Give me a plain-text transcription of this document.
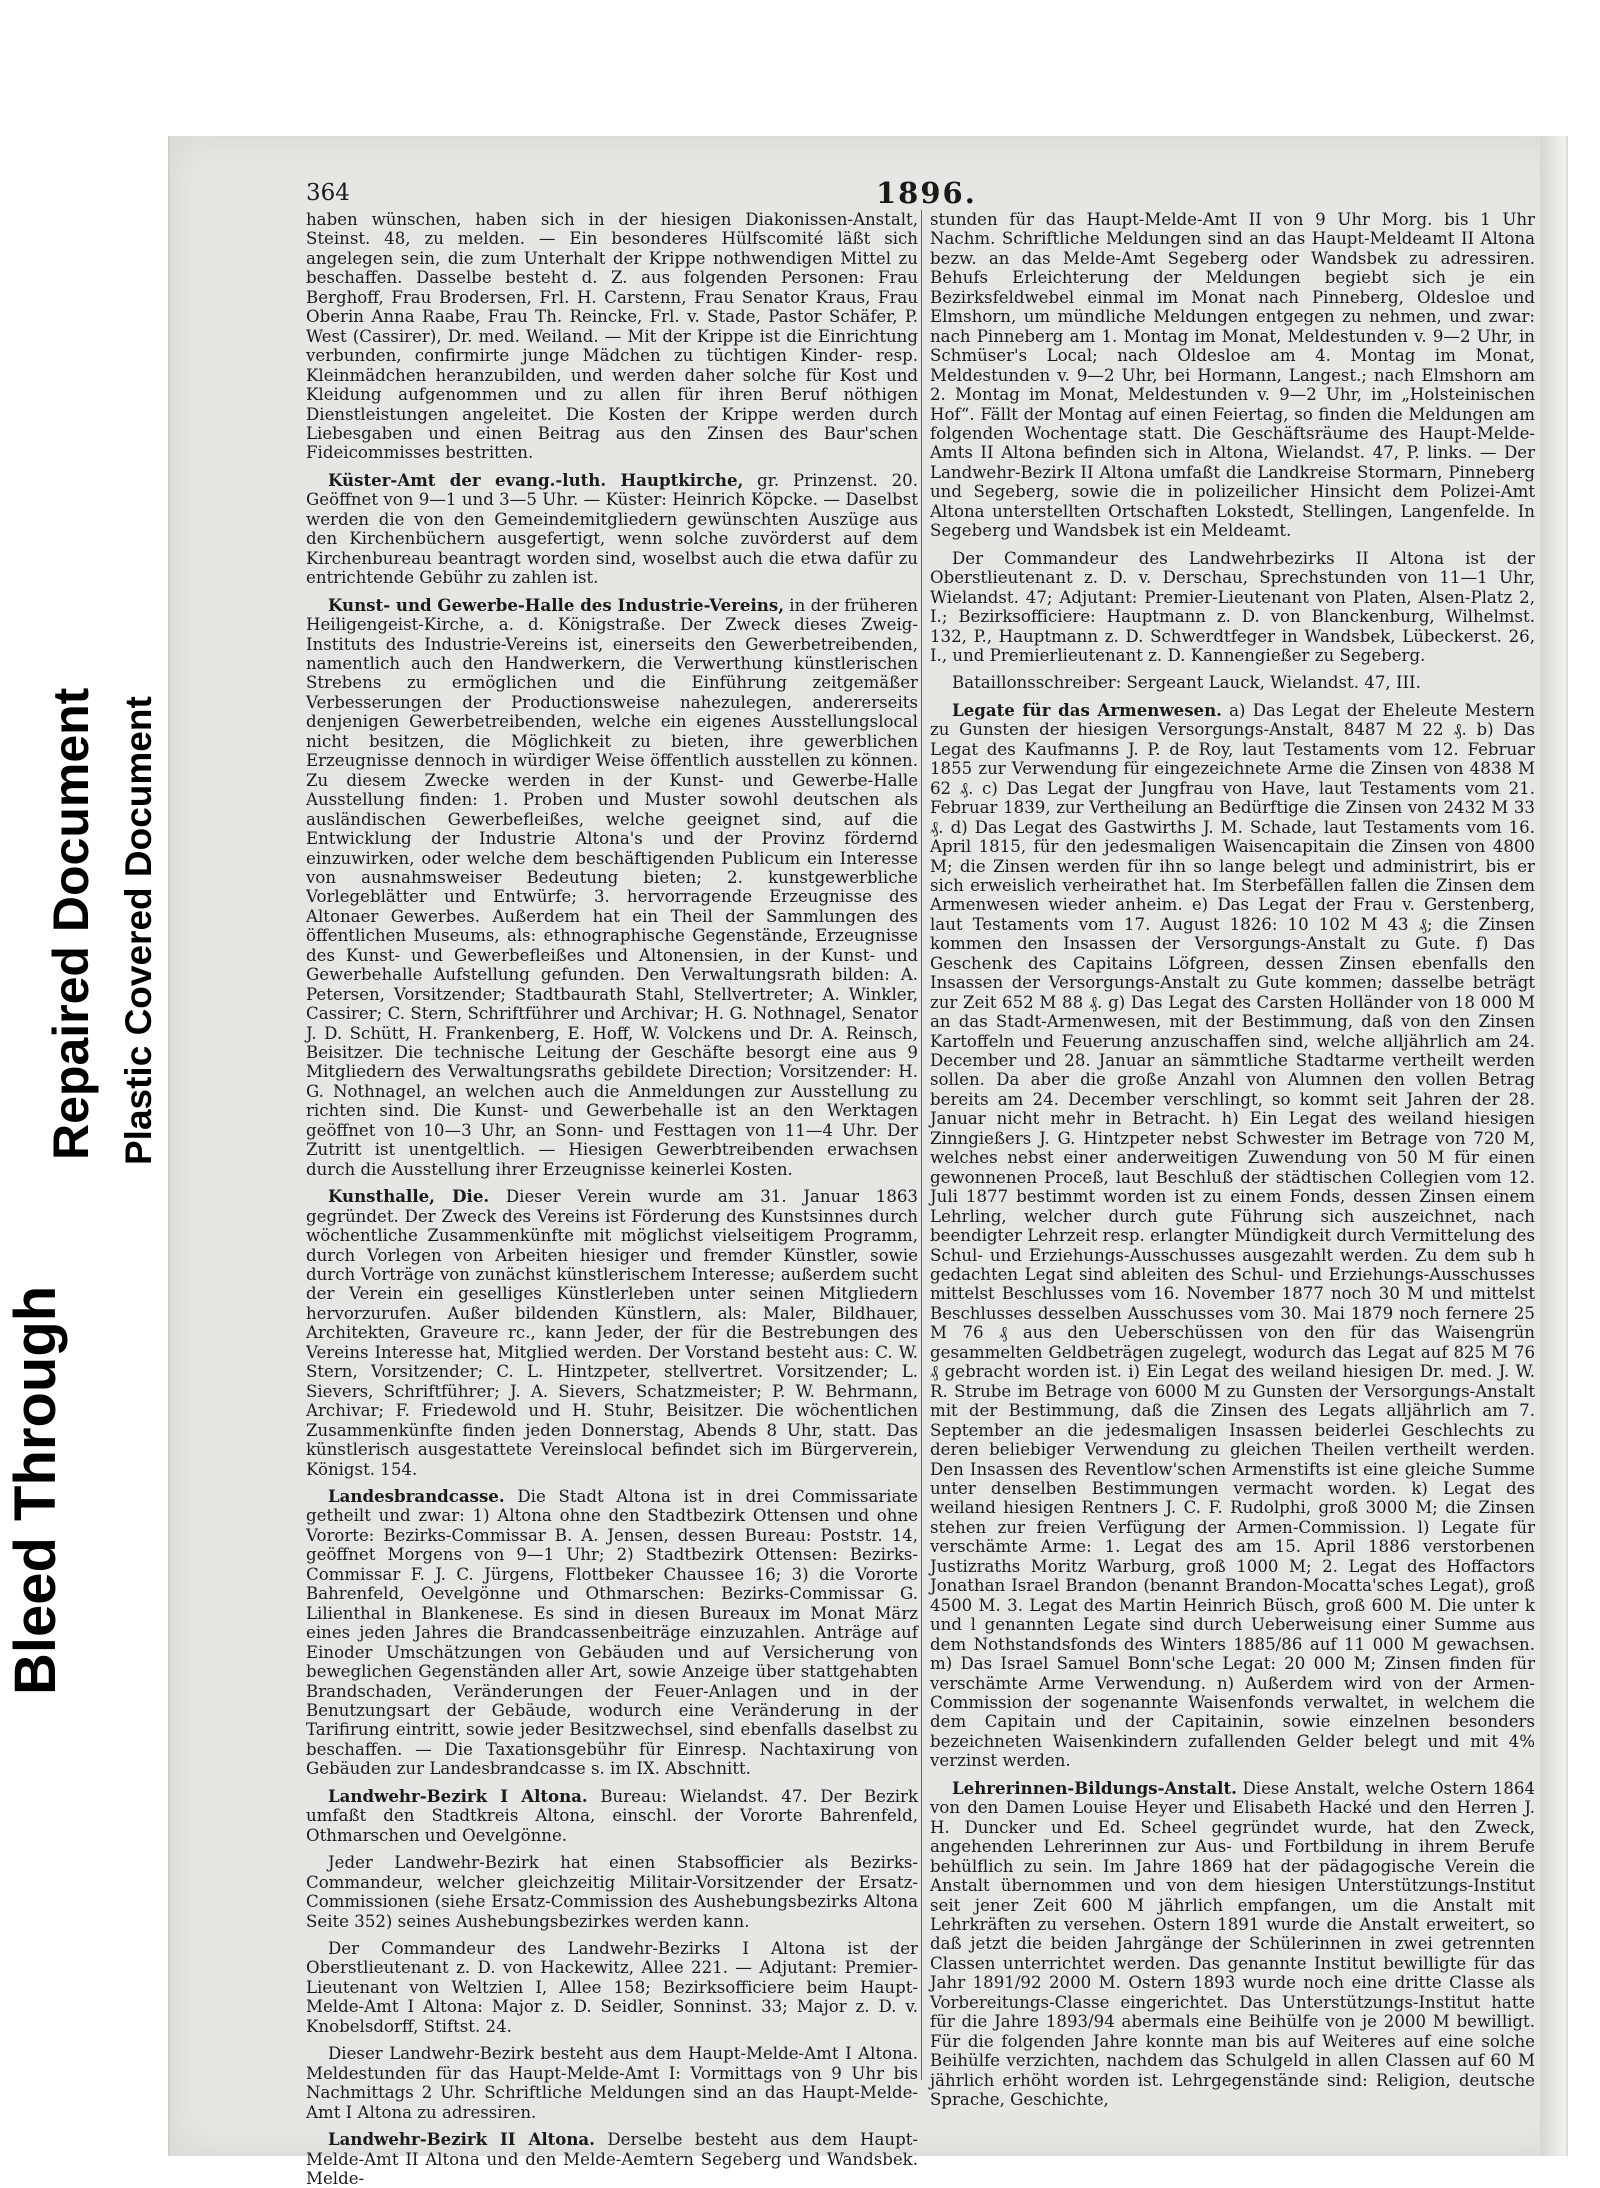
Bleed Through
Repaired Document Plastic Covered Document
364	1896.

haben wünschen, haben sich in der hiesigen Diakonissen-Anstalt, Steinst. 48, zu melden. — Ein besonderes Hülfscomité läßt sich angelegen sein, die zum Unterhalt der Krippe nothwendigen Mittel zu beschaffen. Dasselbe besteht d. Z. aus folgenden Personen: Frau Berghoff, Frau Brodersen, Frl. H. Carstenn, Frau Senator Kraus, Frau Oberin Anna Raabe, Frau Th. Reincke, Frl. v. Stade, Pastor Schäfer, P. West (Cassirer), Dr. med. Weiland. — Mit der Krippe ist die Einrichtung verbunden, confirmirte junge Mädchen zu tüchtigen Kinder- resp. Kleinmädchen heranzubilden, und werden daher solche für Kost und Kleidung aufgenommen und zu allen für ihren Beruf nöthigen Dienstleistungen angeleitet. Die Kosten der Krippe werden durch Liebesgaben und einen Beitrag aus den Zinsen des Baur'schen Fideicommisses bestritten.

Küster-Amt der evang.-luth. Hauptkirche, gr. Prinzenst. 20. Geöffnet von 9—1 und 3—5 Uhr. — Küster: Heinrich Köpcke. — Daselbst werden die von den Gemeindemitgliedern gewünschten Auszüge aus den Kirchenbüchern ausgefertigt, wenn solche zuvörderst auf dem Kirchenbureau beantragt worden sind, woselbst auch die etwa dafür zu entrichtende Gebühr zu zahlen ist.

Kunst- und Gewerbe-Halle des Industrie-Vereins, in der früheren Heiligengeist-Kirche, a. d. Königstraße. Der Zweck dieses Zweig-Instituts des Industrie-Vereins ist, einerseits den Gewerbetreibenden, namentlich auch den Handwerkern, die Verwerthung künstlerischen Strebens zu ermöglichen und die Einführung zeitgemäßer Verbesserungen der Productionsweise nahezulegen, andererseits denjenigen Gewerbetreibenden, welche ein eigenes Ausstellungslocal nicht besitzen, die Möglichkeit zu bieten, ihre gewerblichen Erzeugnisse dennoch in würdiger Weise öffentlich ausstellen zu können. Zu diesem Zwecke werden in der Kunst- und Gewerbe-Halle Ausstellung finden: 1. Proben und Muster sowohl deutschen als ausländischen Gewerbefleißes, welche geeignet sind, auf die Entwicklung der Industrie Altona's und der Provinz fördernd einzuwirken, oder welche dem beschäftigenden Publicum ein Interesse von ausnahmsweiser Bedeutung bieten; 2. kunstgewerbliche Vorlegeblätter und Entwürfe; 3. hervorragende Erzeugnisse des Altonaer Gewerbes. Außerdem hat ein Theil der Sammlungen des öffentlichen Museums, als: ethnographische Gegenstände, Erzeugnisse des Kunst- und Gewerbefleißes und Altonensien, in der Kunst- und Gewerbehalle Aufstellung gefunden. Den Verwaltungsrath bilden: A. Petersen, Vorsitzender; Stadtbaurath Stahl, Stellvertreter; A. Winkler, Cassirer; C. Stern, Schriftführer und Archivar; H. G. Nothnagel, Senator J. D. Schütt, H. Frankenberg, E. Hoff, W. Volckens und Dr. A. Reinsch, Beisitzer. Die technische Leitung der Geschäfte besorgt eine aus 9 Mitgliedern des Verwaltungsraths gebildete Direction; Vorsitzender: H. G. Nothnagel, an welchen auch die Anmeldungen zur Ausstellung zu richten sind. Die Kunst- und Gewerbehalle ist an den Werktagen geöffnet von 10—3 Uhr, an Sonn- und Festtagen von 11—4 Uhr. Der Zutritt ist unentgeltlich. — Hiesigen Gewerbtreibenden erwachsen durch die Ausstellung ihrer Erzeugnisse keinerlei Kosten.

Kunsthalle, Die. Dieser Verein wurde am 31. Januar 1863 gegründet. Der Zweck des Vereins ist Förderung des Kunstsinnes durch wöchentliche Zusammenkünfte mit möglichst vielseitigem Programm, durch Vorlegen von Arbeiten hiesiger und fremder Künstler, sowie durch Vorträge von zunächst künstlerischem Interesse; außerdem sucht der Verein ein geselliges Künstlerleben unter seinen Mitgliedern hervorzurufen. Außer bildenden Künstlern, als: Maler, Bildhauer, Architekten, Graveure rc., kann Jeder, der für die Bestrebungen des Vereins Interesse hat, Mitglied werden. Der Vorstand besteht aus: C. W. Stern, Vorsitzender; C. L. Hintzpeter, stellvertret. Vorsitzender; L. Sievers, Schriftführer; J. A. Sievers, Schatzmeister; P. W. Behrmann, Archivar; F. Friedewold und H. Stuhr, Beisitzer. Die wöchentlichen Zusammenkünfte finden jeden Donnerstag, Abends 8 Uhr, statt. Das künstlerisch ausgestattete Vereinslocal befindet sich im Bürgerverein, Königst. 154.

Landesbrandcasse. Die Stadt Altona ist in drei Commissariate getheilt und zwar: 1) Altona ohne den Stadtbezirk Ottensen und ohne Vororte: Bezirks-Commissar B. A. Jensen, dessen Bureau: Poststr. 14, geöffnet Morgens von 9—1 Uhr; 2) Stadtbezirk Ottensen: Bezirks-Commissar F. J. C. Jürgens, Flottbeker Chaussee 16; 3) die Vororte Bahrenfeld, Oevelgönne und Othmarschen: Bezirks-Commissar G. Lilienthal in Blankenese. Es sind in diesen Bureaux im Monat März eines jeden Jahres die Brandcassenbeiträge einzuzahlen. Anträge auf Einoder Umschätzungen von Gebäuden und auf Versicherung von beweglichen Gegenständen aller Art, sowie Anzeige über stattgehabten Brandschaden, Veränderungen der Feuer-Anlagen und in der Benutzungsart der Gebäude, wodurch eine Veränderung in der Tarifirung eintritt, sowie jeder Besitzwechsel, sind ebenfalls daselbst zu beschaffen. — Die Taxationsgebühr für Einresp. Nachtaxirung von Gebäuden zur Landesbrandcasse s. im IX. Abschnitt.

Landwehr-Bezirk I Altona. Bureau: Wielandst. 47. Der Bezirk umfaßt den Stadtkreis Altona, einschl. der Vororte Bahrenfeld, Othmarschen und Oevelgönne.

Jeder Landwehr-Bezirk hat einen Stabsofficier als Bezirks-Commandeur, welcher gleichzeitig Militair-Vorsitzender der Ersatz-Commissionen (siehe Ersatz-Commission des Aushebungsbezirks Altona Seite 352) seines Aushebungsbezirkes werden kann.

Der Commandeur des Landwehr-Bezirks I Altona ist der Oberstlieutenant z. D. von Hackewitz, Allee 221. — Adjutant: Premier-Lieutenant von Weltzien I, Allee 158; Bezirksofficiere beim Haupt-Melde-Amt I Altona: Major z. D. Seidler, Sonninst. 33; Major z. D. v. Knobelsdorff, Stiftst. 24.

Dieser Landwehr-Bezirk besteht aus dem Haupt-Melde-Amt I Altona. Meldestunden für das Haupt-Melde-Amt I: Vormittags von 9 Uhr bis Nachmittags 2 Uhr. Schriftliche Meldungen sind an das Haupt-Melde-Amt I Altona zu adressiren.

Landwehr-Bezirk II Altona. Derselbe besteht aus dem Haupt-Melde-Amt II Altona und den Melde-Aemtern Segeberg und Wandsbek. Melde-

stunden für das Haupt-Melde-Amt II von 9 Uhr Morg. bis 1 Uhr Nachm. Schriftliche Meldungen sind an das Haupt-Meldeamt II Altona bezw. an das Melde-Amt Segeberg oder Wandsbek zu adressiren. Behufs Erleichterung der Meldungen begiebt sich je ein Bezirksfeldwebel einmal im Monat nach Pinneberg, Oldesloe und Elmshorn, um mündliche Meldungen entgegen zu nehmen, und zwar: nach Pinneberg am 1. Montag im Monat, Meldestunden v. 9—2 Uhr, in Schmüser's Local; nach Oldesloe am 4. Montag im Monat, Meldestunden v. 9—2 Uhr, bei Hormann, Langest.; nach Elmshorn am 2. Montag im Monat, Meldestunden v. 9—2 Uhr, im „Holsteinischen Hof“. Fällt der Montag auf einen Feiertag, so finden die Meldungen am folgenden Wochentage statt. Die Geschäftsräume des Haupt-Melde-Amts II Altona befinden sich in Altona, Wielandst. 47, P. links. — Der Landwehr-Bezirk II Altona umfaßt die Landkreise Stormarn, Pinneberg und Segeberg, sowie die in polizeilicher Hinsicht dem Polizei-Amt Altona unterstellten Ortschaften Lokstedt, Stellingen, Langenfelde. In Segeberg und Wandsbek ist ein Meldeamt.

Der Commandeur des Landwehrbezirks II Altona ist der Oberstlieutenant z. D. v. Derschau, Sprechstunden von 11—1 Uhr, Wielandst. 47; Adjutant: Premier-Lieutenant von Platen, Alsen-Platz 2, I.; Bezirksofficiere: Hauptmann z. D. von Blanckenburg, Wilhelmst. 132, P., Hauptmann z. D. Schwerdtfeger in Wandsbek, Lübeckerst. 26, I., und Premierlieutenant z. D. Kannengießer zu Segeberg.

Bataillonsschreiber: Sergeant Lauck, Wielandst. 47, III.

Legate für das Armenwesen. a) Das Legat der Eheleute Mestern zu Gunsten der hiesigen Versorgungs-Anstalt, 8487 M 22 ₰. b) Das Legat des Kaufmanns J. P. de Roy, laut Testaments vom 12. Februar 1855 zur Verwendung für eingezeichnete Arme die Zinsen von 4838 M 62 ₰. c) Das Legat der Jungfrau von Have, laut Testaments vom 21. Februar 1839, zur Vertheilung an Bedürftige die Zinsen von 2432 M 33 ₰. d) Das Legat des Gastwirths J. M. Schade, laut Testaments vom 16. April 1815, für den jedesmaligen Waisencapitain die Zinsen von 4800 M; die Zinsen werden für ihn so lange belegt und administrirt, bis er sich erweislich verheirathet hat. Im Sterbefällen fallen die Zinsen dem Armenwesen wieder anheim. e) Das Legat der Frau v. Gerstenberg, laut Testaments vom 17. August 1826: 10 102 M 43 ₰; die Zinsen kommen den Insassen der Versorgungs-Anstalt zu Gute. f) Das Geschenk des Capitains Löfgreen, dessen Zinsen ebenfalls den Insassen der Versorgungs-Anstalt zu Gute kommen; dasselbe beträgt zur Zeit 652 M 88 ₰. g) Das Legat des Carsten Holländer von 18 000 M an das Stadt-Armenwesen, mit der Bestimmung, daß von den Zinsen Kartoffeln und Feuerung anzuschaffen sind, welche alljährlich am 24. December und 28. Januar an sämmtliche Stadtarme vertheilt werden sollen. Da aber die große Anzahl von Alumnen den vollen Betrag bereits am 24. December verschlingt, so kommt seit Jahren der 28. Januar nicht mehr in Betracht. h) Ein Legat des weiland hiesigen Zinngießers J. G. Hintzpeter nebst Schwester im Betrage von 720 M, welches nebst einer anderweitigen Zuwendung von 50 M für einen gewonnenen Proceß, laut Beschluß der städtischen Collegien vom 12. Juli 1877 bestimmt worden ist zu einem Fonds, dessen Zinsen einem Lehrling, welcher durch gute Führung sich auszeichnet, nach beendigter Lehrzeit resp. erlangter Mündigkeit durch Vermittelung des Schul- und Erziehungs-Ausschusses ausgezahlt werden. Zu dem sub h gedachten Legat sind ableiten des Schul- und Erziehungs-Ausschusses mittelst Beschlusses vom 16. November 1877 noch 30 M und mittelst Beschlusses desselben Ausschusses vom 30. Mai 1879 noch fernere 25 M 76 ₰ aus den Ueberschüssen von den für das Waisengrün gesammelten Geldbeträgen zugelegt, wodurch das Legat auf 825 M 76 ₰ gebracht worden ist. i) Ein Legat des weiland hiesigen Dr. med. J. W. R. Strube im Betrage von 6000 M zu Gunsten der Versorgungs-Anstalt mit der Bestimmung, daß die Zinsen des Legats alljährlich am 7. September an die jedesmaligen Insassen beiderlei Geschlechts zu deren beliebiger Verwendung zu gleichen Theilen vertheilt werden. Den Insassen des Reventlow'schen Armenstifts ist eine gleiche Summe unter denselben Bestimmungen vermacht worden. k) Legat des weiland hiesigen Rentners J. C. F. Rudolphi, groß 3000 M; die Zinsen stehen zur freien Verfügung der Armen-Commission. l) Legate für verschämte Arme: 1. Legat des am 15. April 1886 verstorbenen Justizraths Moritz Warburg, groß 1000 M; 2. Legat des Hoffactors Jonathan Israel Brandon (benannt Brandon-Mocatta'sches Legat), groß 4500 M. 3. Legat des Martin Heinrich Büsch, groß 600 M. Die unter k und l genannten Legate sind durch Ueberweisung einer Summe aus dem Nothstandsfonds des Winters 1885/86 auf 11 000 M gewachsen. m) Das Israel Samuel Bonn'sche Legat: 20 000 M; Zinsen finden für verschämte Arme Verwendung. n) Außerdem wird von der Armen-Commission der sogenannte Waisenfonds verwaltet, in welchem die dem Capitain und der Capitainin, sowie einzelnen besonders bezeichneten Waisenkindern zufallenden Gelder belegt und mit 4% verzinst werden.

Lehrerinnen-Bildungs-Anstalt. Diese Anstalt, welche Ostern 1864 von den Damen Louise Heyer und Elisabeth Hacké und den Herren J. H. Duncker und Ed. Scheel gegründet wurde, hat den Zweck, angehenden Lehrerinnen zur Aus- und Fortbildung in ihrem Berufe behülflich zu sein. Im Jahre 1869 hat der pädagogische Verein die Anstalt übernommen und von dem hiesigen Unterstützungs-Institut seit jener Zeit 600 M jährlich empfangen, um die Anstalt mit Lehrkräften zu versehen. Ostern 1891 wurde die Anstalt erweitert, so daß jetzt die beiden Jahrgänge der Schülerinnen in zwei getrennten Classen unterrichtet werden. Das genannte Institut bewilligte für das Jahr 1891/92 2000 M. Ostern 1893 wurde noch eine dritte Classe als Vorbereitungs-Classe eingerichtet. Das Unterstützungs-Institut hatte für die Jahre 1893/94 abermals eine Beihülfe von je 2000 M bewilligt. Für die folgenden Jahre konnte man bis auf Weiteres auf eine solche Beihülfe verzichten, nachdem das Schulgeld in allen Classen auf 60 M jährlich erhöht worden ist. Lehrgegenstände sind: Religion, deutsche Sprache, Geschichte,
